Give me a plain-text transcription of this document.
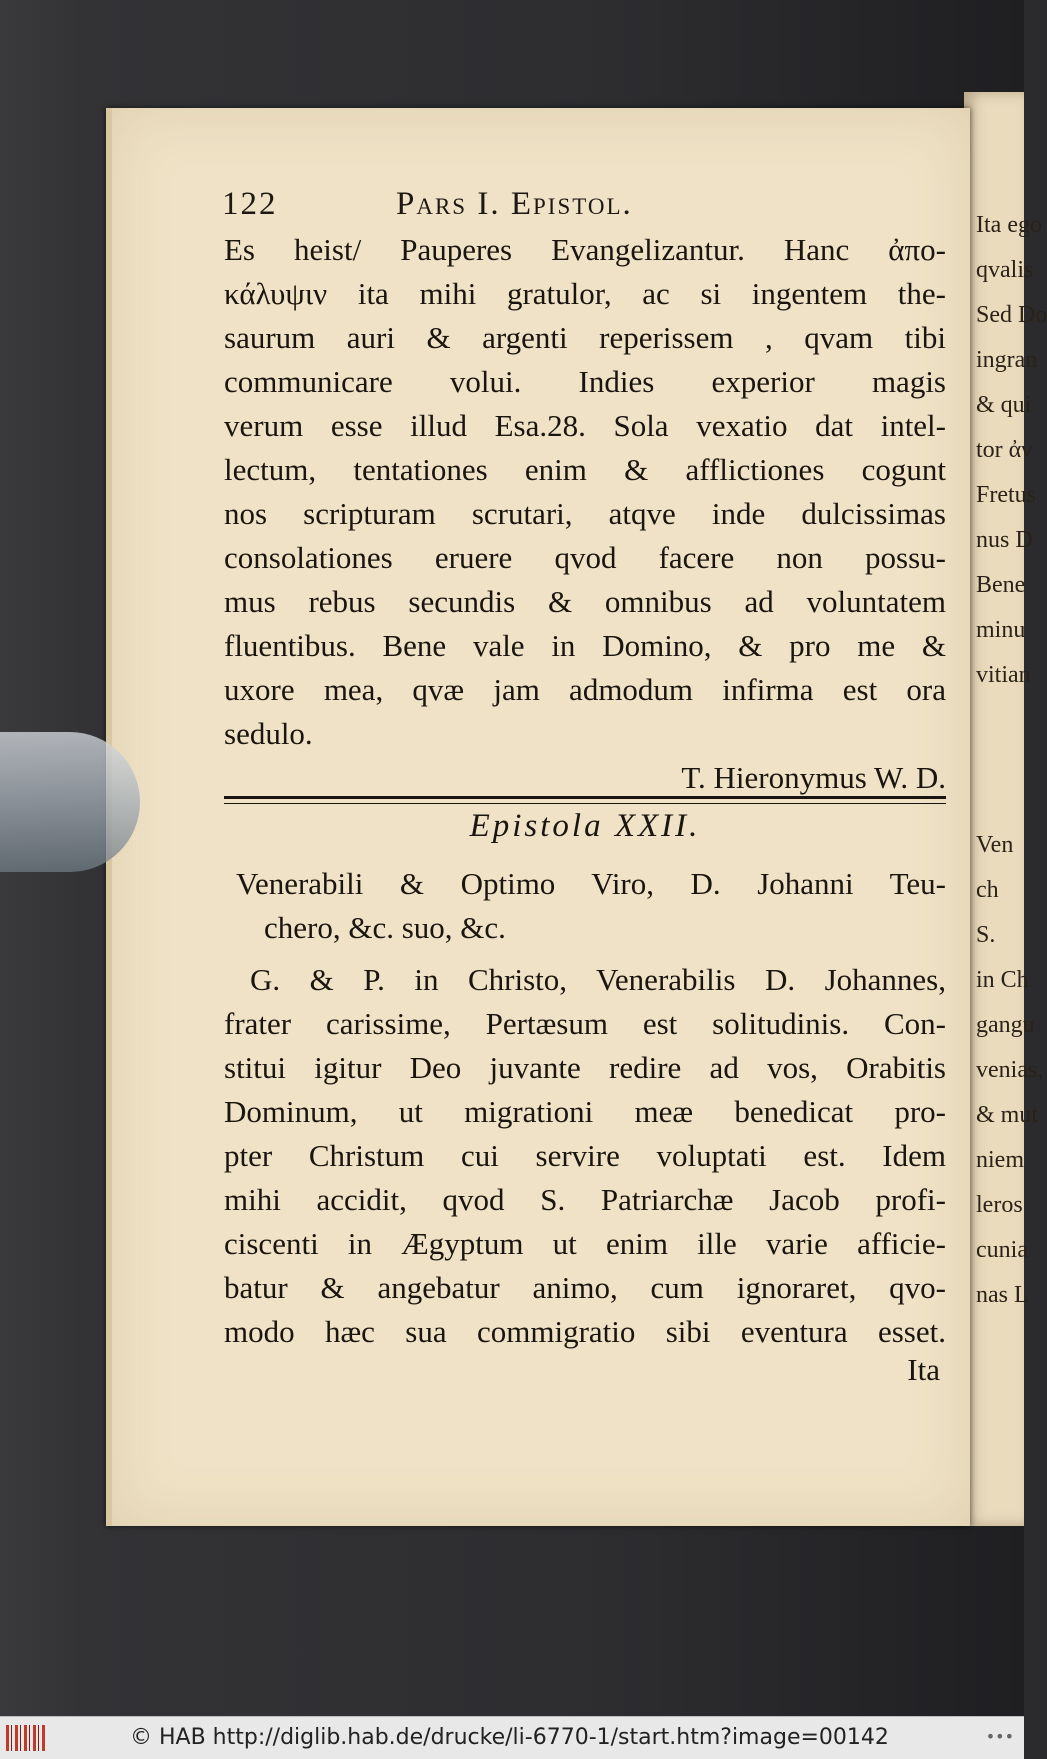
Ita ego
qvalis
Sed Do
ingran
& qui
tor ἀν
Fretus
nus D
Bene
minu
vitian
Ven
ch
S.
in Ch
gangu
venias,
& mut
niem
leros
cunia
nas L
122	Pars I. Epistol.
Es heist/ Pauperes Evangelizantur. Hanc ἀπο-
κάλυψιν ita mihi gratulor, ac si ingentem the-
saurum auri & argenti reperissem , qvam tibi
communicare volui. Indies experior magis
verum esse illud Esa.28. Sola vexatio dat intel-
lectum, tentationes enim & afflictiones cogunt
nos scripturam scrutari, atqve inde dulcissimas
consolationes eruere qvod facere non possu-
mus rebus secundis & omnibus ad voluntatem
fluentibus. Bene vale in Domino, & pro me &
uxore mea, qvæ jam admodum infirma est ora
sedulo.
T. Hieronymus W. D.
Epistola XXII.
Venerabili & Optimo Viro, D. Johanni Teu-
chero, &c. suo, &c.
G. & P. in Christo, Venerabilis D. Johannes,
frater carissime, Pertæsum est solitudinis. Con-
stitui igitur Deo juvante redire ad vos, Orabitis
Dominum, ut migrationi meæ benedicat pro-
pter Christum cui servire voluptati est. Idem
mihi accidit, qvod S. Patriarchæ Jacob profi-
ciscenti in Ægyptum ut enim ille varie afficie-
batur & angebatur animo, cum ignoraret, qvo-
modo hæc sua commigratio sibi eventura esset.
Ita
© HAB http://diglib.hab.de/drucke/li-6770-1/start.htm?image=00142	•••
